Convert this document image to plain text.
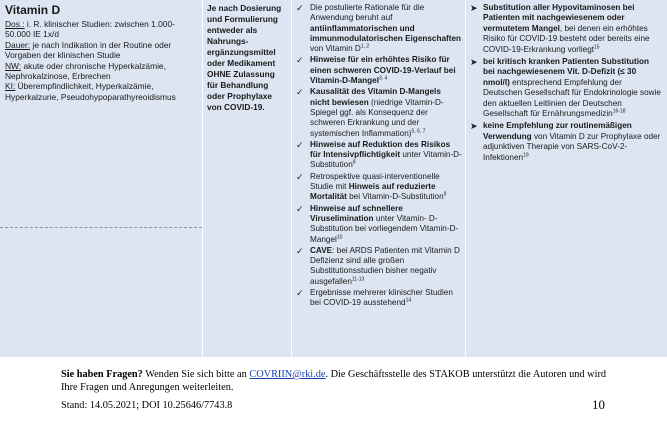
Vitamin D
Dos.: i. R. klinischer Studien: zwischen 1.000-50.000 IE 1x/d
Dauer: je nach Indikation in der Routine oder Vorgaben der klinischen Studie
NW: akute oder chronische Hyperkalzämie, Nephrokalzinose, Erbrechen
KI: Überempfindlichkeit, Hyperkalzämie, Hyperkalzurie, Pseudohypoparathyreoidismus
Je nach Dosierung und Formulierung entweder als Nahrungs-ergänzungsmittel oder Medikament OHNE Zulassung für Behandlung oder Prophylaxe von COVID-19.
✓ Die postulierte Rationale für die Anwendung beruht auf antiinflammatorischen und immunmodulatorischen Eigenschaften von Vitamin D$^{1, 2}$
✓ Hinweise für ein erhöhtes Risiko für einen schweren COVID-19-Verlauf bei Vitamin-D-Mangel$^{3, 4}$
✓ Kausalität des Vitamin D-Mangels nicht bewiesen (niedrige Vitamin-D-Spiegel ggf. als Konsequenz der schweren Erkrankung und der systemischen Inflammation)$^{5, 6, 7}$
✓ Hinweise auf Reduktion des Risikos für Intensivpflichtigkeit unter Vitamin-D-Substitution$^8$
✓ Retrospektive quasi-interventionelle Studie mit Hinweis auf reduzierte Mortalität bei Vitamin-D-Substitution$^9$
✓ Hinweise auf schnellere Viruselimination unter Vitamin- D-Substitution bei vorliegendem Vitamin-D-Mangel$^{10}$
✓ CAVE: bei ARDS Patienten mit Vitamin D Defizienz sind alle großen Substitutionsstudien bisher negativ ausgefallen$^{11-13}$
✓ Ergebnisse mehrerer klinischer Studien bei COVID-19 ausstehend$^{14}$
➤ Substitution aller Hypovitaminosen bei Patienten mit nachgewiesenem oder vermutetem Mangel, bei denen ein erhöhtes Risiko für COVID-19 besteht oder bereits eine COVID-19-Erkrankung vorliegt$^{15}$
➤ bei kritisch kranken Patienten Substitution bei nachgewiesenem Vit. D-Defizit (≤ 30 nmol/l) entsprechend Empfehlung der Deutschen Gesellschaft für Endokrinologie sowie den aktuellen Leitlinien der Deutschen Gesellschaft für Ernährungsmedizin$^{16-18}$
➤ keine Empfehlung zur routinemäßigen Verwendung von Vitamin D zur Prophylaxe oder adjunktiven Therapie von SARS-CoV-2-Infektionen$^{19}$
Sie haben Fragen? Wenden Sie sich bitte an COVRIIN@rki.de. Die Geschäftsstelle des STAKOB unterstützt die Autoren und wird Ihre Fragen und Anregungen weiterleiten.
Stand: 14.05.2021; DOI 10.25646/7743.8	10
